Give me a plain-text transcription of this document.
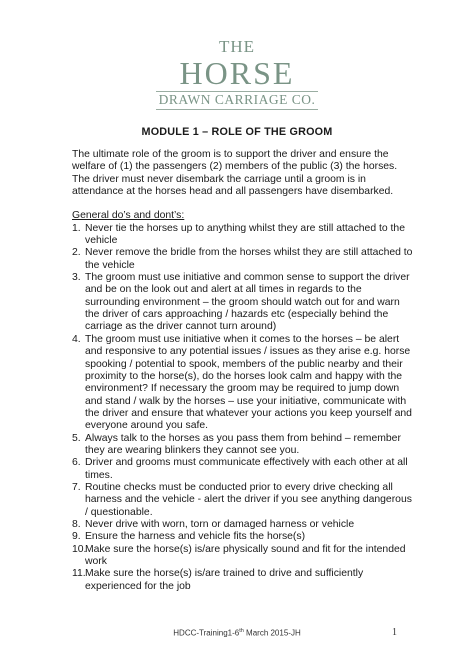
THE
HORSE
DRAWN CARRIAGE CO.
MODULE 1 – ROLE OF THE GROOM

The ultimate role of the groom is to support the driver and ensure the welfare of (1) the passengers (2) members of the public (3) the horses. The driver must never disembark the carriage until a groom is in attendance at the horses head and all passengers have disembarked.

General do’s and dont’s:

1. Never tie the horses up to anything whilst they are still attached to the vehicle
2. Never remove the bridle from the horses whilst they are still attached to the vehicle
3. The groom must use initiative and common sense to support the driver and be on the look out and alert at all times in regards to the surrounding environment – the groom should watch out for and warn the driver of cars approaching / hazards etc (especially behind the carriage as the driver cannot turn around)
4. The groom must use initiative when it comes to the horses – be alert and responsive to any potential issues / issues as they arise e.g. horse spooking / potential to spook, members of the public nearby and their proximity to the horse(s), do the horses look calm and happy with the environment? If necessary the groom may be required to jump down and stand / walk by the horses – use your initiative, communicate with the driver and ensure that whatever your actions you keep yourself and everyone around you safe.
5. Always talk to the horses as you pass them from behind – remember they are wearing blinkers they cannot see you.
6. Driver and grooms must communicate effectively with each other at all times.
7. Routine checks must be conducted prior to every drive checking all harness and the vehicle - alert the driver if you see anything dangerous / questionable.
8. Never drive with worn, torn or damaged harness or vehicle
9. Ensure the harness and vehicle fits the horse(s)
10.
Make sure the horse(s) is/are physically sound and fit for the intended work
11. Make sure the horse(s) is/are trained to drive and sufficiently experienced for the job
HDCC-Training1-6th March 2015-JH	1
